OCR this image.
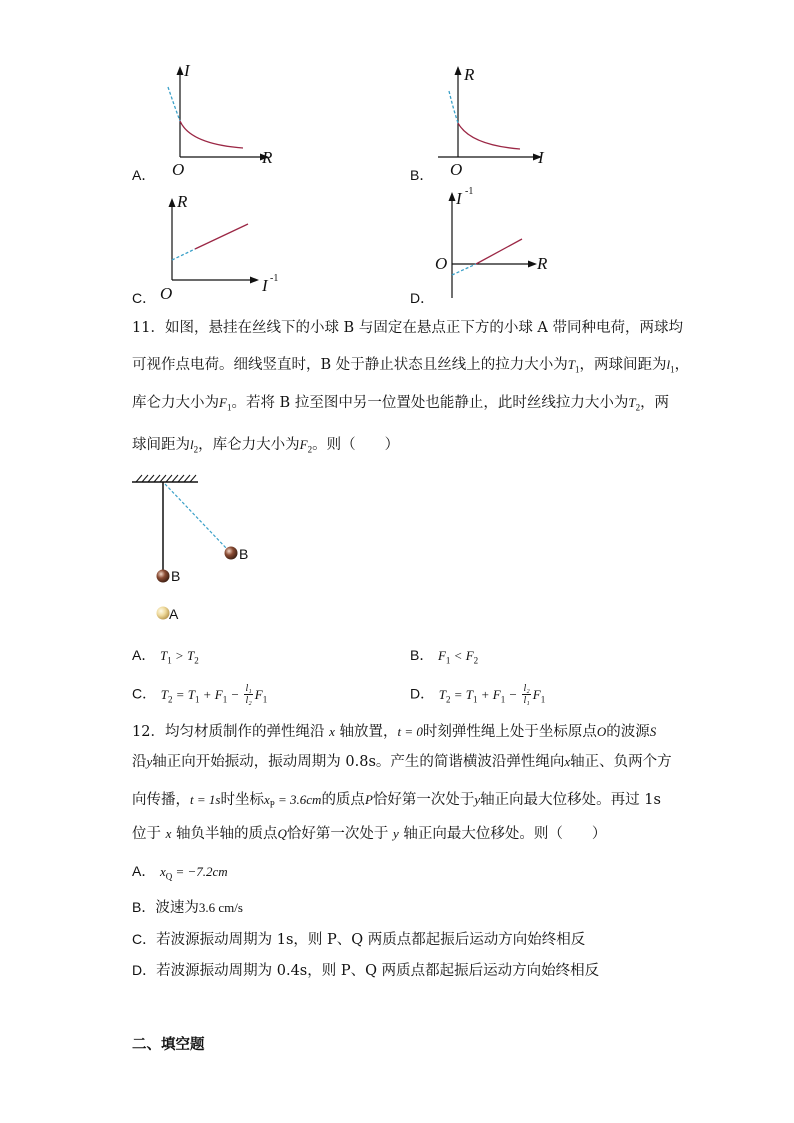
A．
I
R
O	B．
R
I
O
C．
R
I -1
O	D．
I -1
R
O
11．如图，悬挂在丝线下的小球 B 与固定在悬点正下方的小球 A 带同种电荷，两球均
可视作点电荷。细线竖直时，B 处于静止状态且丝线上的拉力大小为$T_1$，两球间距为$l_1$，
库仑力大小为$F_1$。若将 B 拉至图中另一位置处也能静止，此时丝线拉力大小为$T_2$，两
球间距为$l_2$，库仑力大小为$F_2$。则（　　）
B
B
A
A． $T_1 > T_2$	B． $F_1 < F_2$
C． $T_2 = T_1 + F_1 - \frac{\text{l₁}}{\text{l₂}} F_1$	D． $T_2 = T_1 + F_1 - \frac{\text{l₂}}{\text{l₁}} F_1$
12．均匀材质制作的弹性绳沿 x 轴放置，t = 0时刻弹性绳上处于坐标原点O的波源S
沿y轴正向开始振动，振动周期为 0.8s。产生的简谐横波沿弹性绳向x轴正、负两个方
向传播，t = 1s时坐标$x_P = 3.6cm$的质点P恰好第一次处于y轴正向最大位移处。再过 1s
位于 x 轴负半轴的质点Q恰好第一次处于 y 轴正向最大位移处。则（　　）
A． $x_Q = -7.2cm$
B．波速为3.6 cm/s
C．若波源振动周期为 1s，则 P、Q 两质点都起振后运动方向始终相反
D．若波源振动周期为 0.4s，则 P、Q 两质点都起振后运动方向始终相反
二、填空题
